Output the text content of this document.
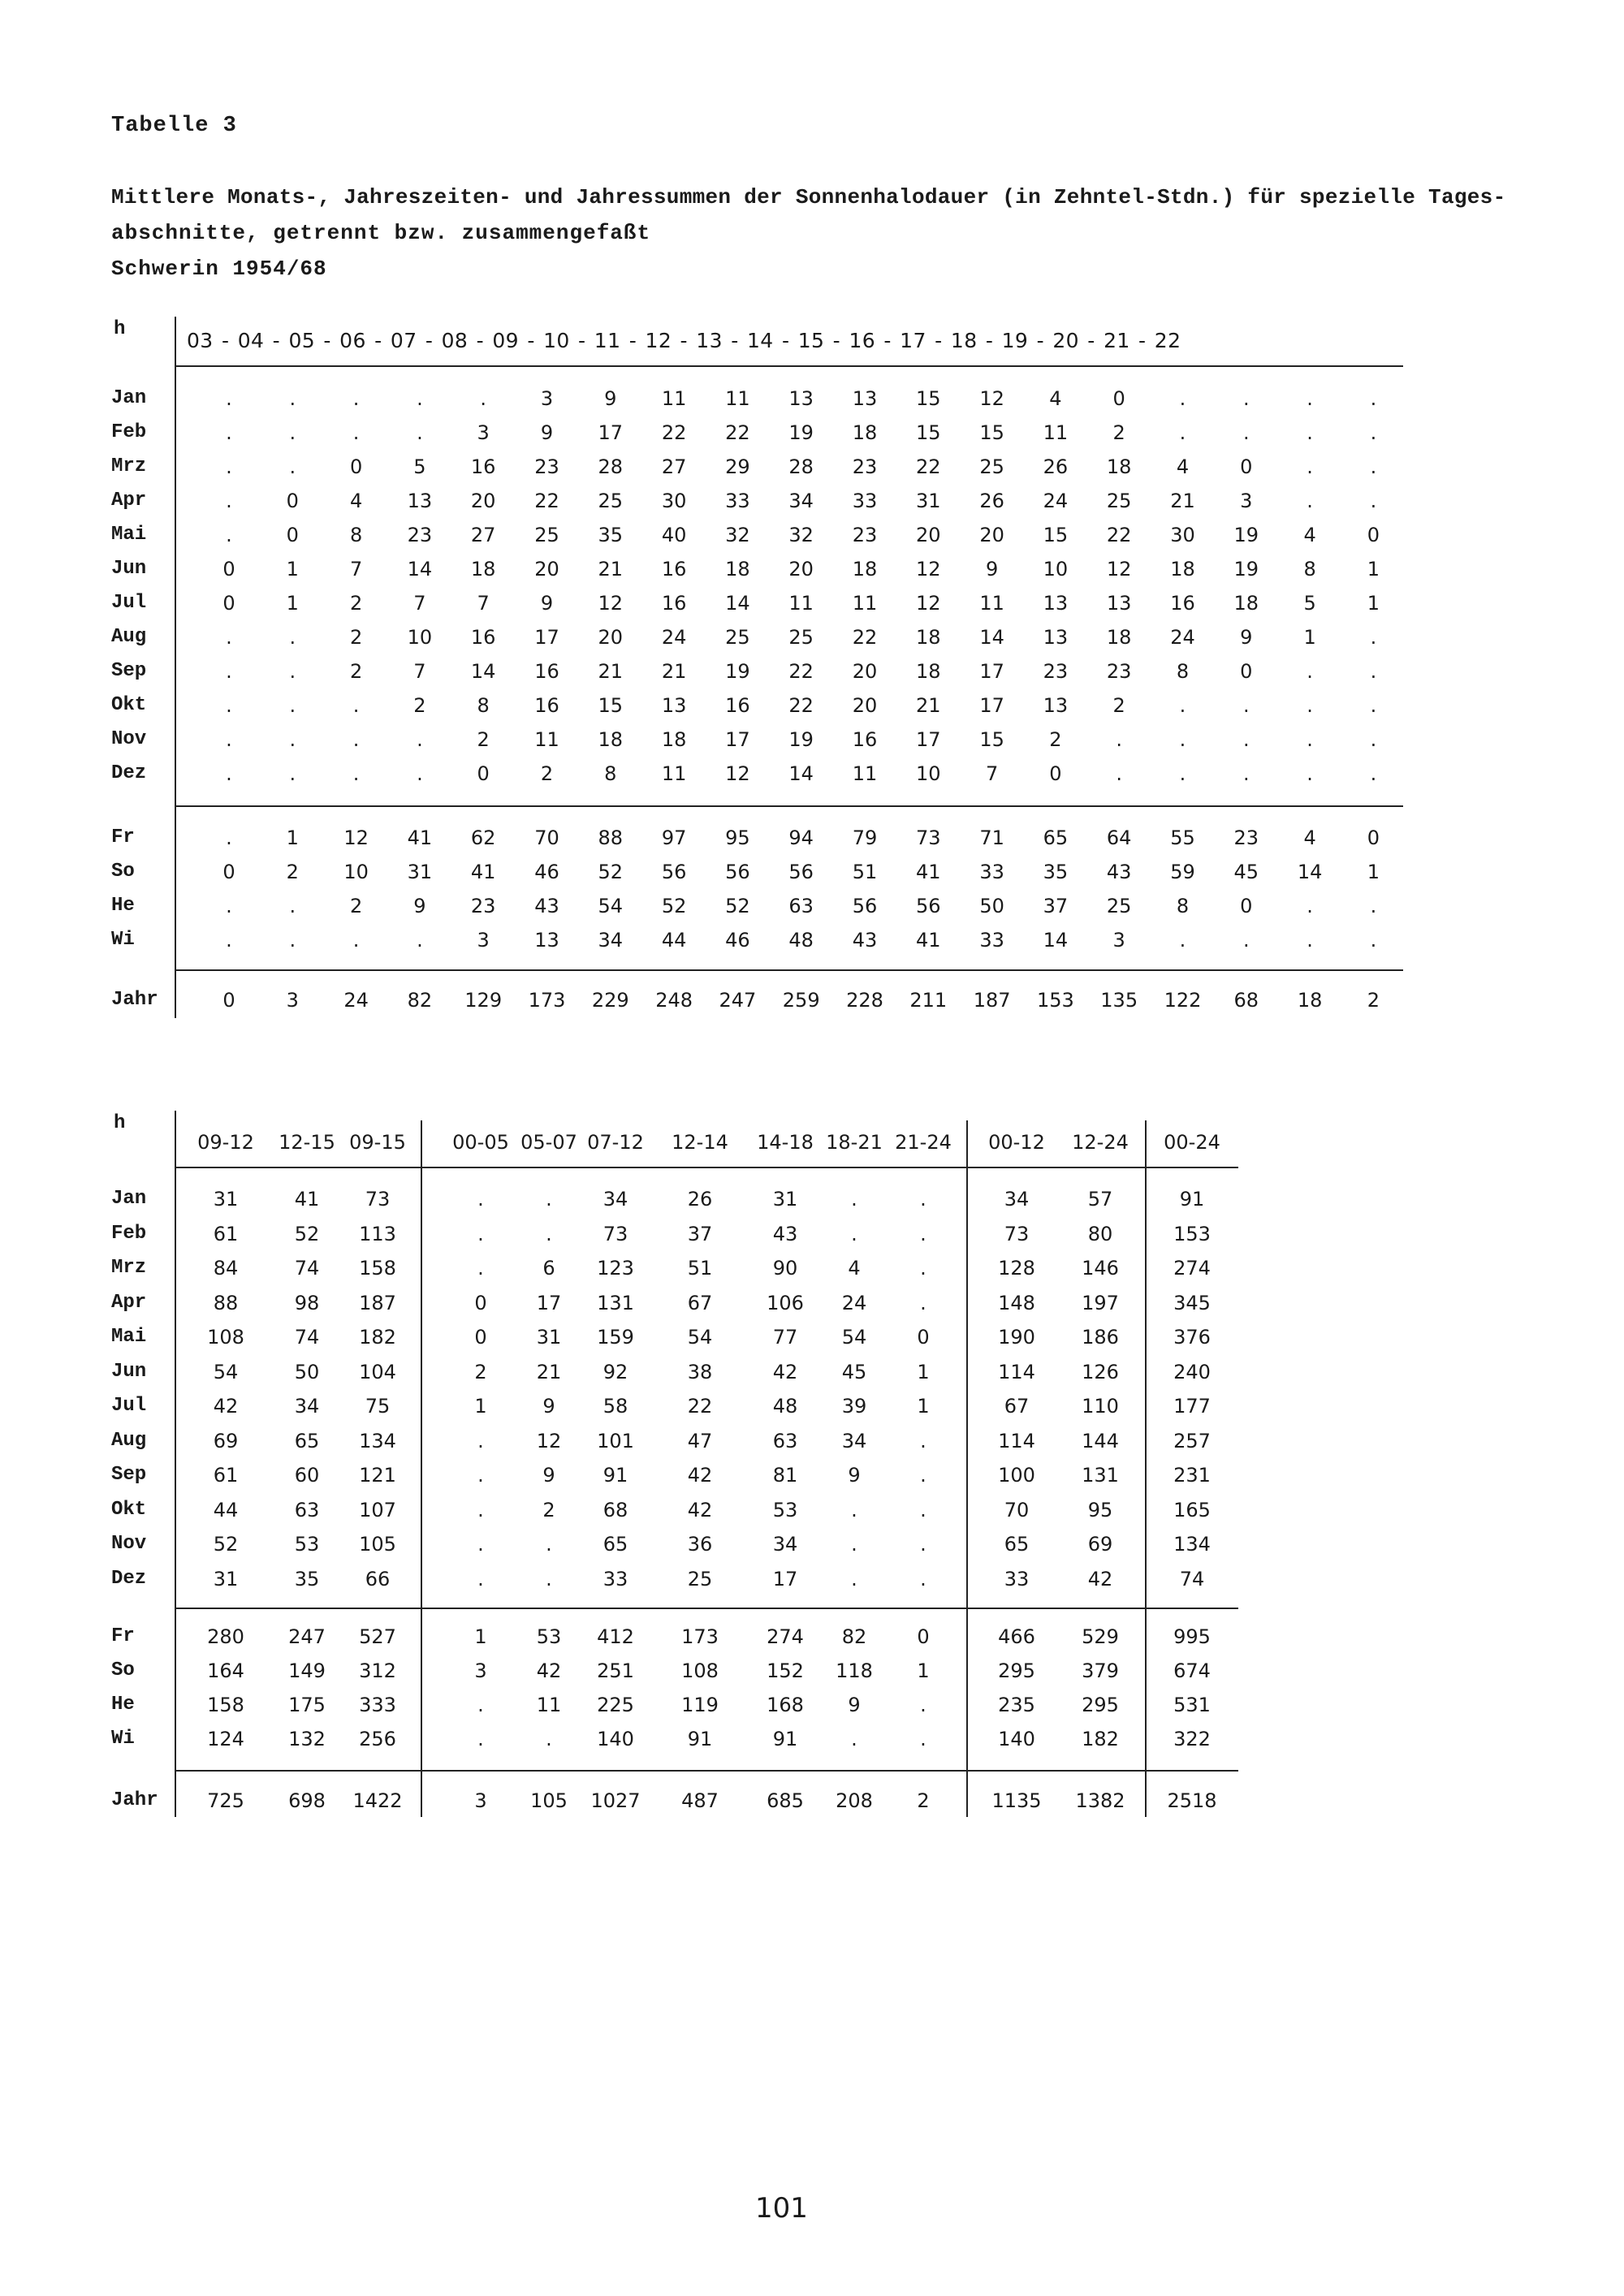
Tabelle 3
Mittlere Monats-, Jahreszeiten- und Jahressummen der Sonnenhalodauer (in Zehntel-Stdn.) für spezielle Tages-
abschnitte, getrennt bzw. zusammengefaßt
Schwerin 1954/68
h	03 - 04 - 05 - 06 - 07 - 08 - 09 - 10 - 11 - 12 - 13 - 14 - 15 - 16 - 17 - 18 - 19 - 20 - 21 - 22
Jan	.	.	.	.	.	3	9	11	11	13	13	15	12	4	0	.	.	.	.
Feb	.	.	.	.	3	9	17	22	22	19	18	15	15	11	2	.	.	.	.
Mrz	.	.	0	5	16	23	28	27	29	28	23	22	25	26	18	4	0	.	.
Apr	.	0	4	13	20	22	25	30	33	34	33	31	26	24	25	21	3	.	.
Mai	.	0	8	23	27	25	35	40	32	32	23	20	20	15	22	30	19	4	0
Jun	0	1	7	14	18	20	21	16	18	20	18	12	9	10	12	18	19	8	1
Jul	0	1	2	7	7	9	12	16	14	11	11	12	11	13	13	16	18	5	1
Aug	.	.	2	10	16	17	20	24	25	25	22	18	14	13	18	24	9	1	.
Sep	.	.	2	7	14	16	21	21	19	22	20	18	17	23	23	8	0	.	.
Okt	.	.	.	2	8	16	15	13	16	22	20	21	17	13	2	.	.	.	.
Nov	.	.	.	.	2	11	18	18	17	19	16	17	15	2	.	.	.	.	.
Dez	.	.	.	.	0	2	8	11	12	14	11	10	7	0	.	.	.	.	.
Fr	.	1	12	41	62	70	88	97	95	94	79	73	71	65	64	55	23	4	0
So	0	2	10	31	41	46	52	56	56	56	51	41	33	35	43	59	45	14	1
He	.	.	2	9	23	43	54	52	52	63	56	56	50	37	25	8	0	.	.
Wi	.	.	.	.	3	13	34	44	46	48	43	41	33	14	3	.	.	.	.
Jahr	0	3	24	82	129 173 229 248 247 259 228 211 187 153 135 122	68	18	2
h
09-12	12-15 09-15	00-05 05-07 07-12	12-14	14-18 18-21 21-24	00-12	12-24	00-24
Jan	31	41	73	.	.	34	26	31	.	.	34	57	91
Feb	61	52	113	.	.	73	37	43	.	.	73	80	153
Mrz	84	74	158	.	6	123	51	90	4	.	128	146	274
Apr	88	98	187	0	17	131	67	106	24	.	148	197	345
Mai	108	74	182	0	31	159	54	77	54	0	190	186	376
Jun	54	50	104	2	21	92	38	42	45	1	114	126	240
Jul	42	34	75	1	9	58	22	48	39	1	67	110	177
Aug	69	65	134	.	12	101	47	63	34	.	114	144	257
Sep	61	60	121	.	9	91	42	81	9	.	100	131	231
Okt	44	63	107	.	2	68	42	53	.	.	70	95	165
Nov	52	53	105	.	.	65	36	34	.	.	65	69	134
Dez	31	35	66	.	.	33	25	17	.	.	33	42	74
Fr	280	247	527	1	53	412	173	274	82	0	466	529	995
So	164	149	312	3	42	251	108	152	118	1	295	379	674
He	158	175	333	.	11	225	119	168	9	.	235	295	531
Wi	124	132	256	.	.	140	91	91	.	.	140	182	322
Jahr	725	698	1422	3	105	1027	487	685	208	2	1135	1382	2518
101
